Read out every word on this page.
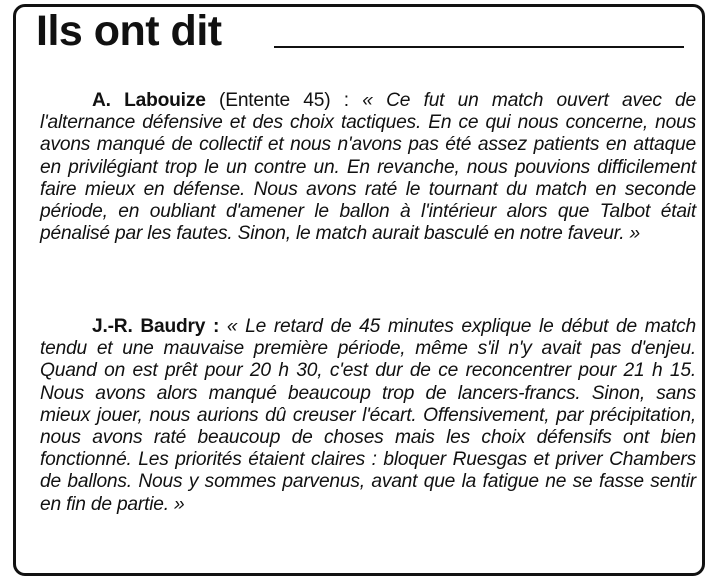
Ils ont dit

A. Labouize (Entente 45) : « Ce fut un match ouvert avec de l'alternance défensive et des choix tactiques. En ce qui nous concerne, nous avons manqué de collectif et nous n'avons pas été assez patients en attaque en privilégiant trop le un contre un. En revanche, nous pouvions difficilement faire mieux en défense. Nous avons raté le tournant du match en seconde période, en oubliant d'amener le ballon à l'intérieur alors que Talbot était pénalisé par les fautes. Sinon, le match aurait basculé en notre faveur. »

J.-R. Baudry : « Le retard de 45 minutes explique le début de match tendu et une mauvaise première période, même s'il n'y avait pas d'enjeu. Quand on est prêt pour 20 h 30, c'est dur de ce reconcentrer pour 21 h 15. Nous avons alors manqué beaucoup trop de lancers-francs. Sinon, sans mieux jouer, nous aurions dû creuser l'écart. Offensivement, par précipitation, nous avons raté beaucoup de choses mais les choix défensifs ont bien fonctionné. Les priorités étaient claires : bloquer Ruesgas et priver Chambers de ballons. Nous y sommes parvenus, avant que la fatigue ne se fasse sentir en fin de partie. »
